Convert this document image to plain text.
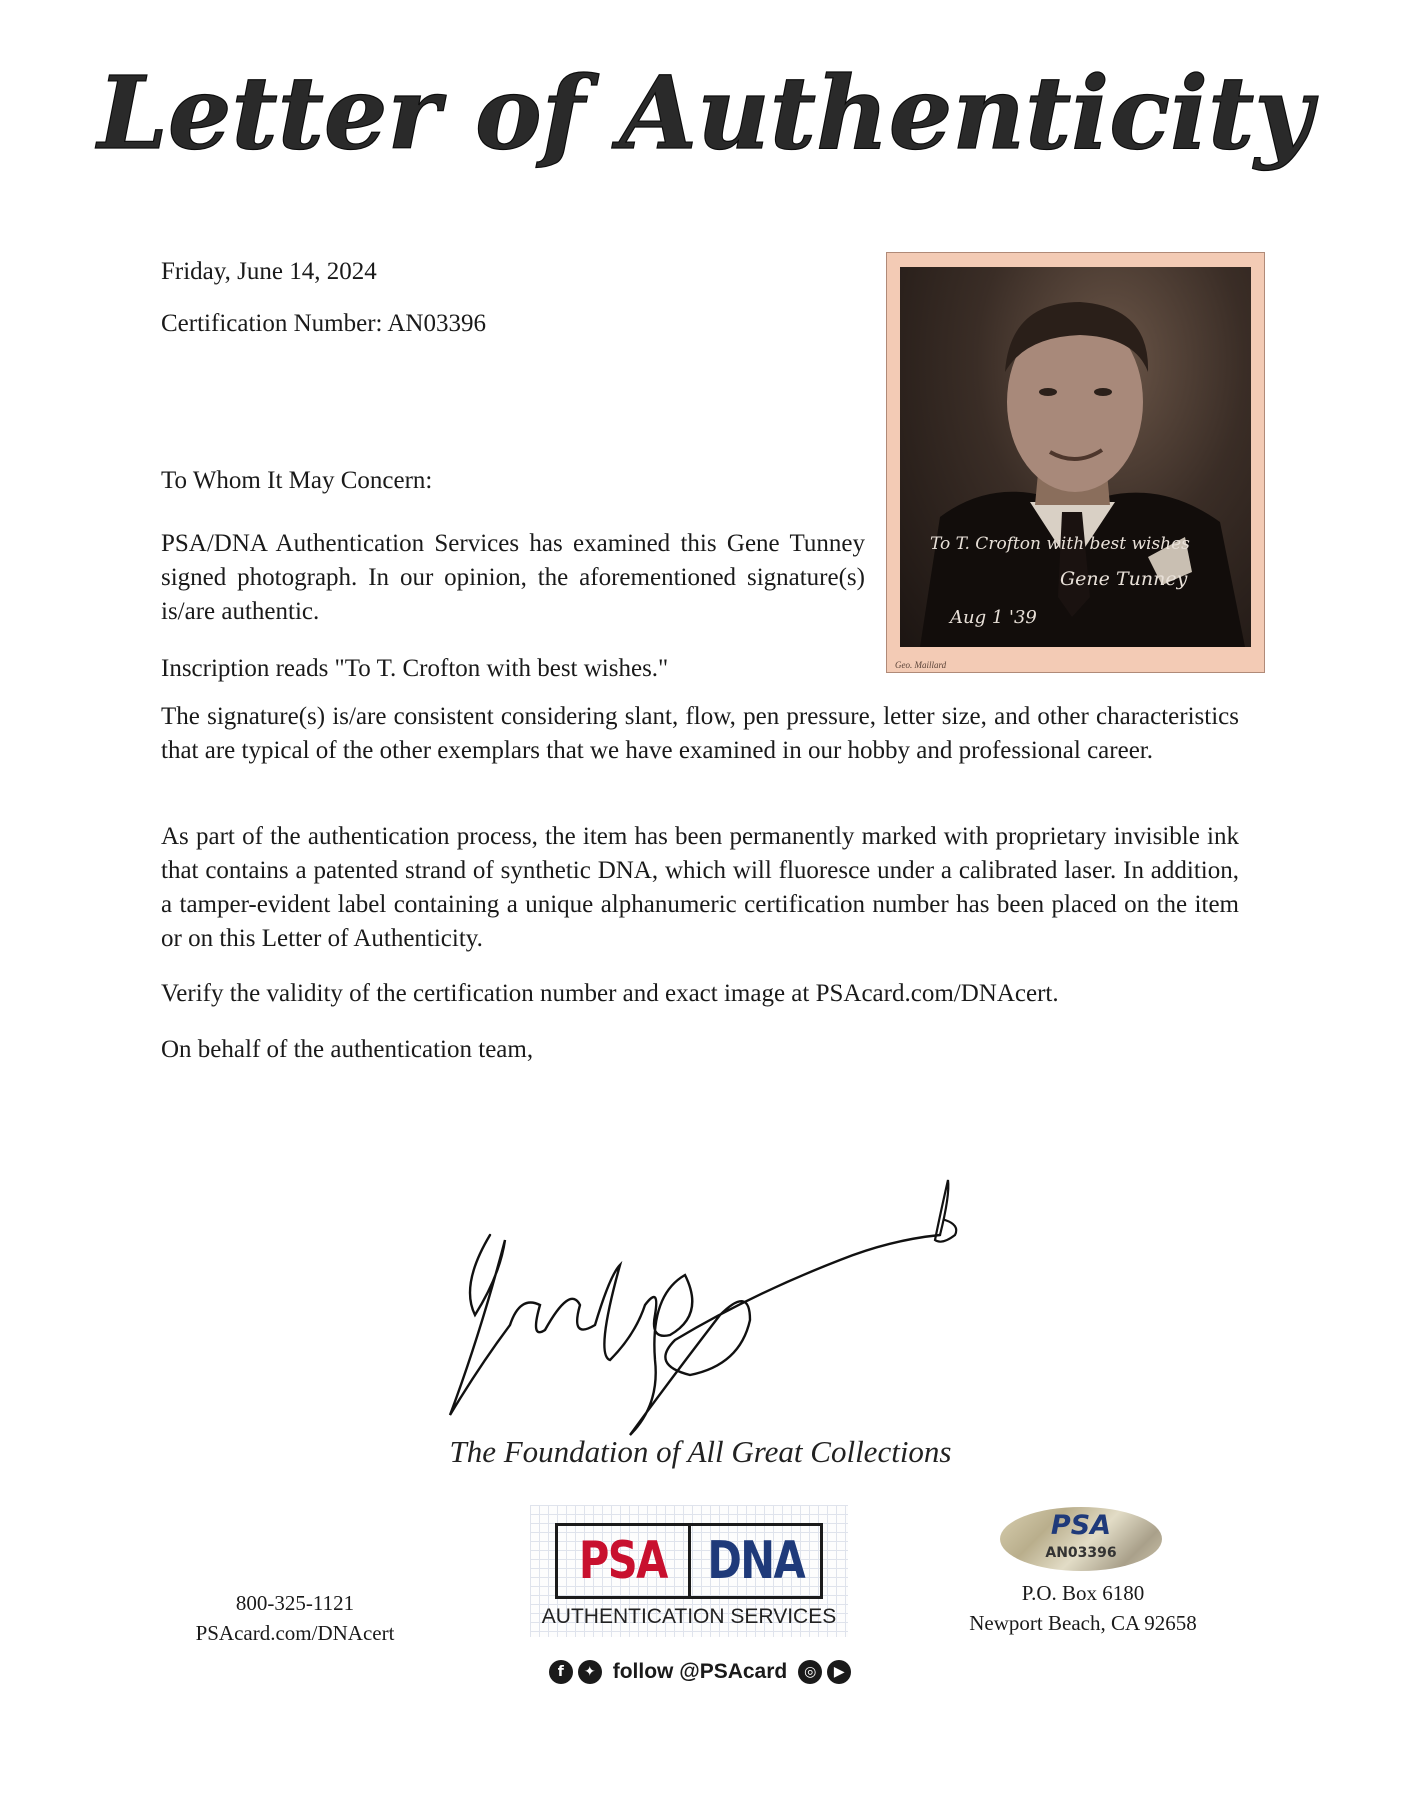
Letter of Authenticity
Friday, June 14, 2024
Certification Number: AN03396
To Whom It May Concern:
PSA/DNA Authentication Services has examined this Gene Tunney signed photograph. In our opinion, the aforementioned signature(s) is/are authentic.
Inscription reads "To T. Crofton with best wishes."
The signature(s) is/are consistent considering slant, flow, pen pressure, letter size, and other characteristics that are typical of the other exemplars that we have examined in our hobby and professional career.
As part of the authentication process, the item has been permanently marked with proprietary invisible ink that contains a patented strand of synthetic DNA, which will fluoresce under a calibrated laser. In addition, a tamper-evident label containing a unique alphanumeric certification number has been placed on the item or on this Letter of Authenticity.
Verify the validity of the certification number and exact image at PSAcard.com/DNAcert.
On behalf of the authentication team,
To T. Crofton with best wishes
Gene Tunney
Aug 1 '39
Geo. Maillard
The Foundation of All Great Collections
800-325-1121
PSAcard.com/DNAcert
PSA DNA
AUTHENTICATION SERVICES
f	✦ follow @PSAcard	◎	▶
PSA
AN03396
P.O. Box 6180
Newport Beach, CA 92658
